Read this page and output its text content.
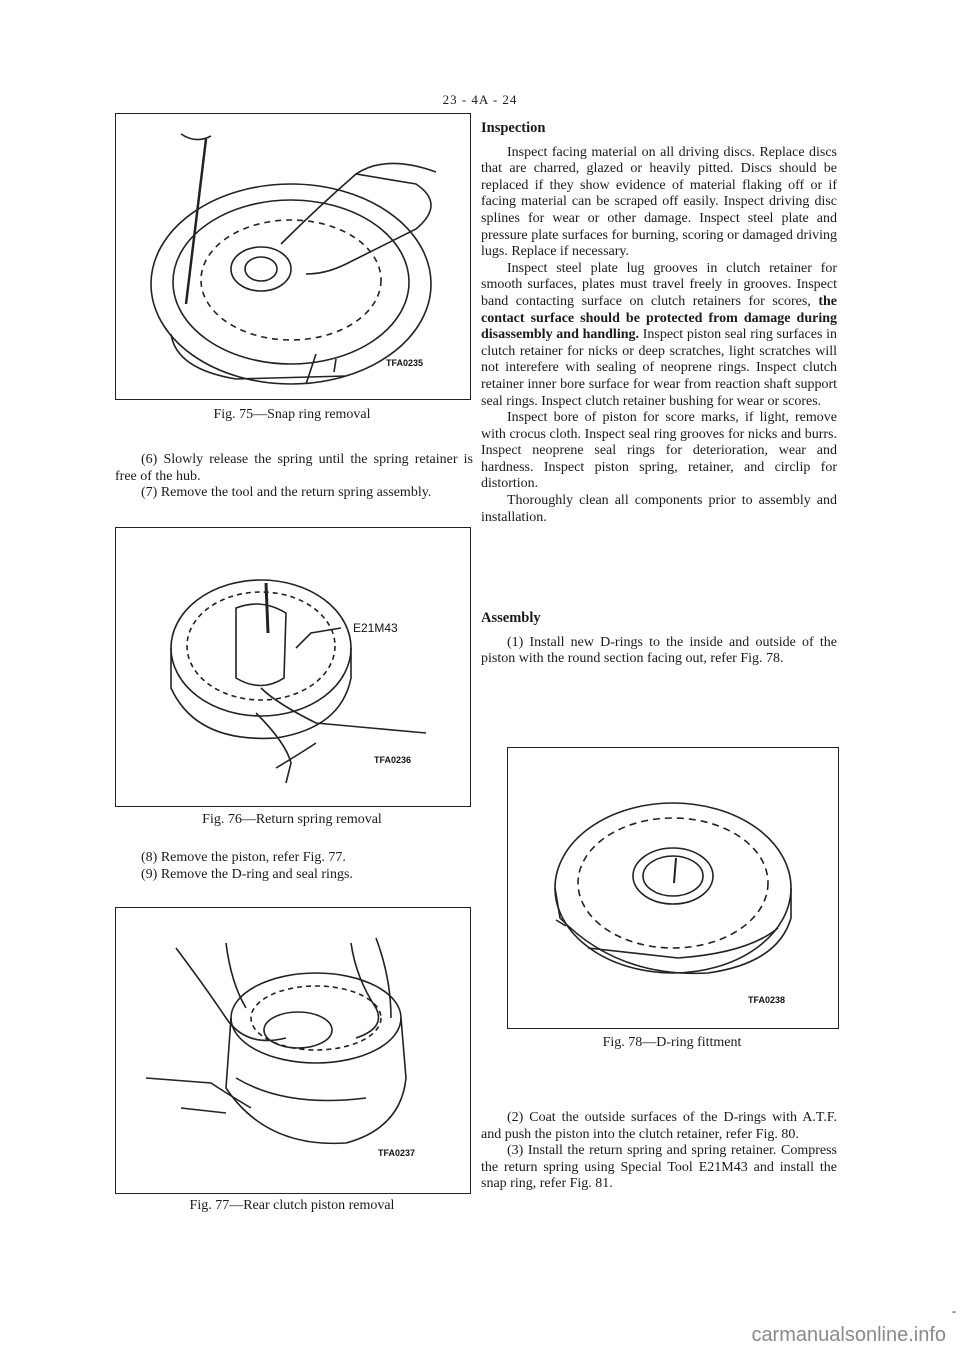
23 - 4A - 24
TFA0235
Fig. 75—Snap ring removal

(6) Slowly release the spring until the spring retainer is free of the hub.

(7) Remove the tool and the return spring assembly.

E21M43
TFA0236
Fig. 76—Return spring removal

(8) Remove the piston, refer Fig. 77.

(9) Remove the D-ring and seal rings.

TFA0237
Fig. 77—Rear clutch piston removal

Inspection

Inspect facing material on all driving discs. Replace discs that are charred, glazed or heavily pitted. Discs should be replaced if they show evidence of material flaking off or if facing material can be scraped off easily. Inspect driving disc splines for wear or other damage. Inspect steel plate and pressure plate surfaces for burning, scoring or damaged driving lugs. Replace if necessary.

Inspect steel plate lug grooves in clutch retainer for smooth surfaces, plates must travel freely in grooves. Inspect band contacting surface on clutch retainers for scores, the contact surface should be protected from damage during disassembly and handling. Inspect piston seal ring surfaces in clutch retainer for nicks or deep scratches, light scratches will not interefere with sealing of neoprene rings. Inspect clutch retainer inner bore surface for wear from reaction shaft support seal rings. Inspect clutch retainer bushing for wear or scores.

Inspect bore of piston for score marks, if light, remove with crocus cloth. Inspect seal ring grooves for nicks and burrs. Inspect neoprene seal rings for deterioration, wear and hardness. Inspect piston spring, retainer, and circlip for distortion.

Thoroughly clean all components prior to assembly and installation.

Assembly

(1) Install new D-rings to the inside and outside of the piston with the round section facing out, refer Fig. 78.

TFA0238
Fig. 78—D-ring fittment

(2) Coat the outside surfaces of the D-rings with A.T.F. and push the piston into the clutch retainer, refer Fig. 80.

(3) Install the return spring and spring retainer. Compress the return spring using Special Tool E21M43 and install the snap ring, refer Fig. 81.

-
carmanualsonline.info
